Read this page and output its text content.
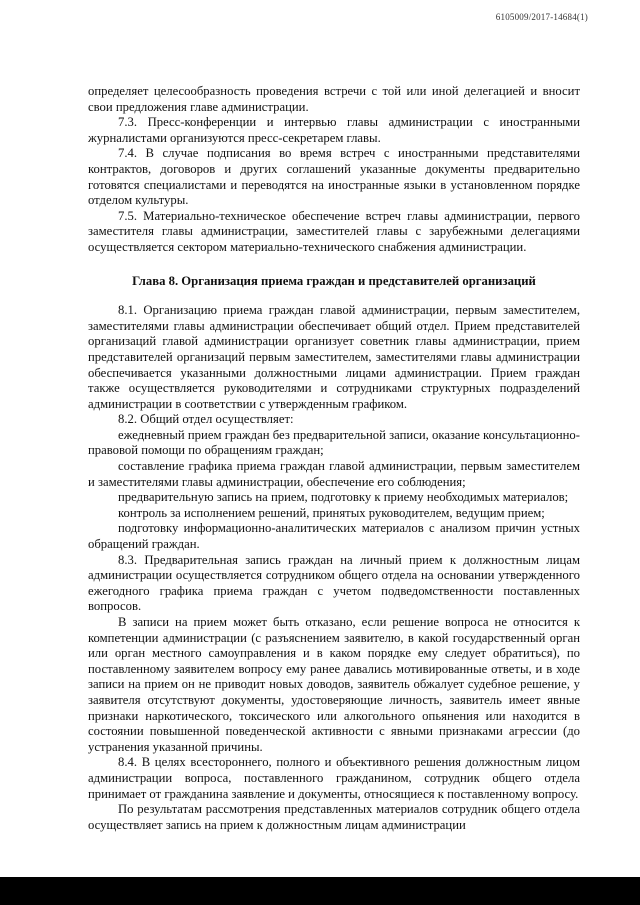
6105009/2017-14684(1)

определяет целесообразность проведения встречи с той или иной делегацией и вносит свои предложения главе администрации.

7.3. Пресс-конференции и интервью главы администрации с иностранными журналистами организуются пресс-секретарем главы.

7.4. В случае подписания во время встреч с иностранными представителями контрактов, договоров и других соглашений указанные документы предварительно готовятся специалистами и переводятся на иностранные языки в установленном порядке отделом культуры.

7.5. Материально-техническое обеспечение встреч главы администрации, первого заместителя главы администрации, заместителей главы с зарубежными делегациями осуществляется сектором материально-технического снабжения администрации.

Глава 8. Организация приема граждан и представителей организаций

8.1. Организацию приема граждан главой администрации, первым заместителем, заместителями главы администрации обеспечивает общий отдел. Прием представителей организаций главой администрации организует советник главы администрации, прием представителей организаций первым заместителем, заместителями главы администрации обеспечивается указанными должностными лицами администрации. Прием граждан также осуществляется руководителями и сотрудниками структурных подразделений администрации в соответствии с утвержденным графиком.

8.2. Общий отдел осуществляет:

ежедневный прием граждан без предварительной записи, оказание консультационно-правовой помощи по обращениям граждан;

составление графика приема граждан главой администрации, первым заместителем и заместителями главы администрации, обеспечение его соблюдения;

предварительную запись на прием, подготовку к приему необходимых материалов;

контроль за исполнением решений, принятых руководителем, ведущим прием;

подготовку информационно-аналитических материалов с анализом причин устных обращений граждан.

8.3. Предварительная запись граждан на личный прием к должностным лицам администрации осуществляется сотрудником общего отдела на основании утвержденного ежегодного графика приема граждан с учетом подведомственности поставленных вопросов.

В записи на прием может быть отказано, если решение вопроса не относится к компетенции администрации (с разъяснением заявителю, в какой государственный орган или орган местного самоуправления и в каком порядке ему следует обратиться), по поставленному заявителем вопросу ему ранее давались мотивированные ответы, и в ходе записи на прием он не приводит новых доводов, заявитель обжалует судебное решение, у заявителя отсутствуют документы, удостоверяющие личность, заявитель имеет явные признаки наркотического, токсического или алкогольного опьянения или находится в состоянии повышенной поведенческой активности с явными признаками агрессии (до устранения указанной причины.

8.4. В целях всестороннего, полного и объективного решения должностным лицом администрации вопроса, поставленного гражданином, сотрудник общего отдела принимает от гражданина заявление и документы, относящиеся к поставленному вопросу.

По результатам рассмотрения представленных материалов сотрудник общего отдела осуществляет запись на прием к должностным лицам администрации
